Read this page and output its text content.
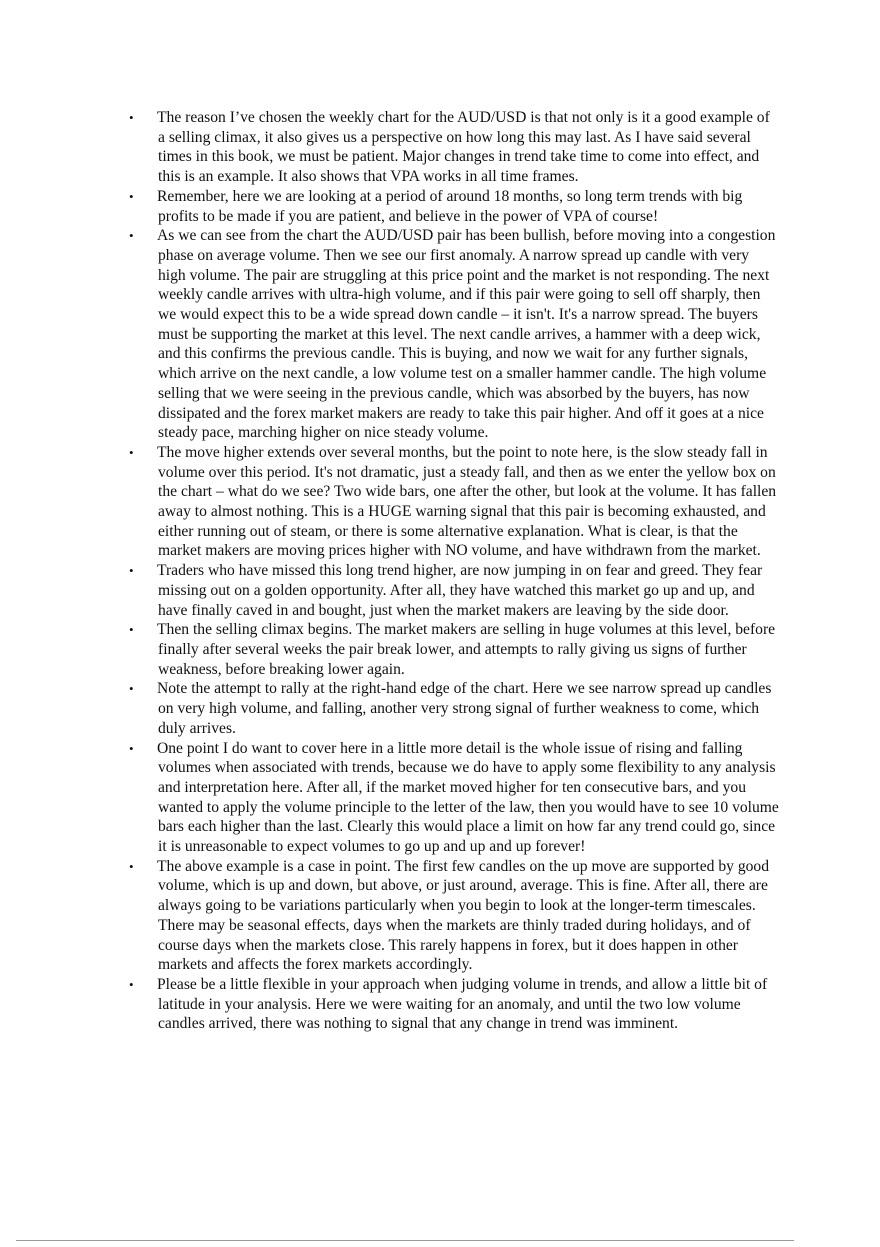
•	The reason I’ve chosen the weekly chart for the AUD/USD is that not only is it a good example of a selling climax, it also gives us a perspective on how long this may last. As I have said several times in this book, we must be patient. Major changes in trend take time to come into effect, and this is an example. It also shows that VPA works in all time frames.
•	Remember, here we are looking at a period of around 18 months, so long term trends with big profits to be made if you are patient, and believe in the power of VPA of course!
•	As we can see from the chart the AUD/USD pair has been bullish, before moving into a congestion phase on average volume. Then we see our first anomaly. A narrow spread up candle with very high volume. The pair are struggling at this price point and the market is not responding. The next weekly candle arrives with ultra-high volume, and if this pair were going to sell off sharply, then we would expect this to be a wide spread down candle – it isn't. It's a narrow spread. The buyers must be supporting the market at this level. The next candle arrives, a hammer with a deep wick, and this confirms the previous candle. This is buying, and now we wait for any further signals, which arrive on the next candle, a low volume test on a smaller hammer candle. The high volume selling that we were seeing in the previous candle, which was absorbed by the buyers, has now dissipated and the forex market makers are ready to take this pair higher. And off it goes at a nice steady pace, marching higher on nice steady volume.
•	The move higher extends over several months, but the point to note here, is the slow steady fall in volume over this period. It's not dramatic, just a steady fall, and then as we enter the yellow box on the chart – what do we see? Two wide bars, one after the other, but look at the volume. It has fallen away to almost nothing. This is a HUGE warning signal that this pair is becoming exhausted, and either running out of steam, or there is some alternative explanation. What is clear, is that the market makers are moving prices higher with NO volume, and have withdrawn from the market.
•	Traders who have missed this long trend higher, are now jumping in on fear and greed. They fear missing out on a golden opportunity. After all, they have watched this market go up and up, and have finally caved in and bought, just when the market makers are leaving by the side door.
•	Then the selling climax begins. The market makers are selling in huge volumes at this level, before finally after several weeks the pair break lower, and attempts to rally giving us signs of further weakness, before breaking lower again.
•	Note the attempt to rally at the right-hand edge of the chart. Here we see narrow spread up candles on very high volume, and falling, another very strong signal of further weakness to come, which duly arrives.
•	One point I do want to cover here in a little more detail is the whole issue of rising and falling volumes when associated with trends, because we do have to apply some flexibility to any analysis and interpretation here. After all, if the market moved higher for ten consecutive bars, and you wanted to apply the volume principle to the letter of the law, then you would have to see 10 volume bars each higher than the last. Clearly this would place a limit on how far any trend could go, since it is unreasonable to expect volumes to go up and up and up forever!
•	The above example is a case in point. The first few candles on the up move are supported by good volume, which is up and down, but above, or just around, average. This is fine. After all, there are always going to be variations particularly when you begin to look at the longer-term timescales. There may be seasonal effects, days when the markets are thinly traded during holidays, and of course days when the markets close. This rarely happens in forex, but it does happen in other markets and affects the forex markets accordingly.
•	Please be a little flexible in your approach when judging volume in trends, and allow a little bit of latitude in your analysis. Here we were waiting for an anomaly, and until the two low volume candles arrived, there was nothing to signal that any change in trend was imminent.
